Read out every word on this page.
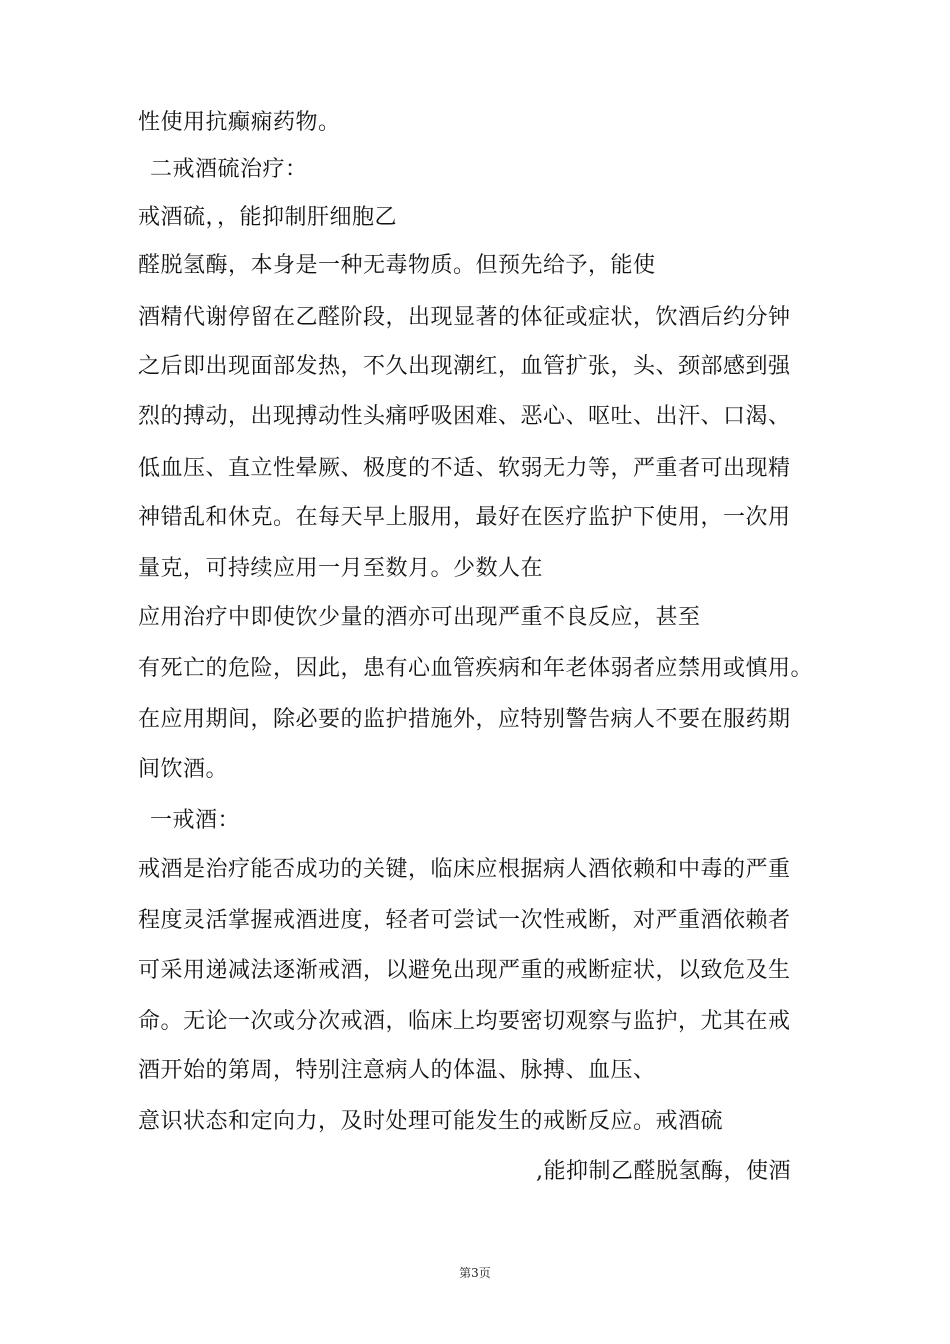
性使用抗癫痫药物。
二戒酒硫治疗：
戒酒硫，，能抑制肝细胞乙
醛脱氢酶，本身是一种无毒物质。但预先给予，能使
酒精代谢停留在乙醛阶段，出现显著的体征或症状，饮酒后约分钟
之后即出现面部发热，不久出现潮红，血管扩张，头、颈部感到强
烈的搏动，出现搏动性头痛呼吸困难、恶心、呕吐、出汗、口渴、
低血压、直立性晕厥、极度的不适、软弱无力等，严重者可出现精
神错乱和休克。在每天早上服用，最好在医疗监护下使用，一次用
量克，可持续应用一月至数月。少数人在
应用治疗中即使饮少量的酒亦可出现严重不良反应，甚至
有死亡的危险，因此，患有心血管疾病和年老体弱者应禁用或慎用。
在应用期间，除必要的监护措施外，应特别警告病人不要在服药期
间饮酒。
一戒酒：
戒酒是治疗能否成功的关键，临床应根据病人酒依赖和中毒的严重
程度灵活掌握戒酒进度，轻者可尝试一次性戒断，对严重酒依赖者
可采用递减法逐渐戒酒，以避免出现严重的戒断症状，以致危及生
命。无论一次或分次戒酒，临床上均要密切观察与监护，尤其在戒
酒开始的第周，特别注意病人的体温、脉搏、血压、
意识状态和定向力，及时处理可能发生的戒断反应。戒酒硫
,能抑制乙醛脱氢酶，使酒
第3页
